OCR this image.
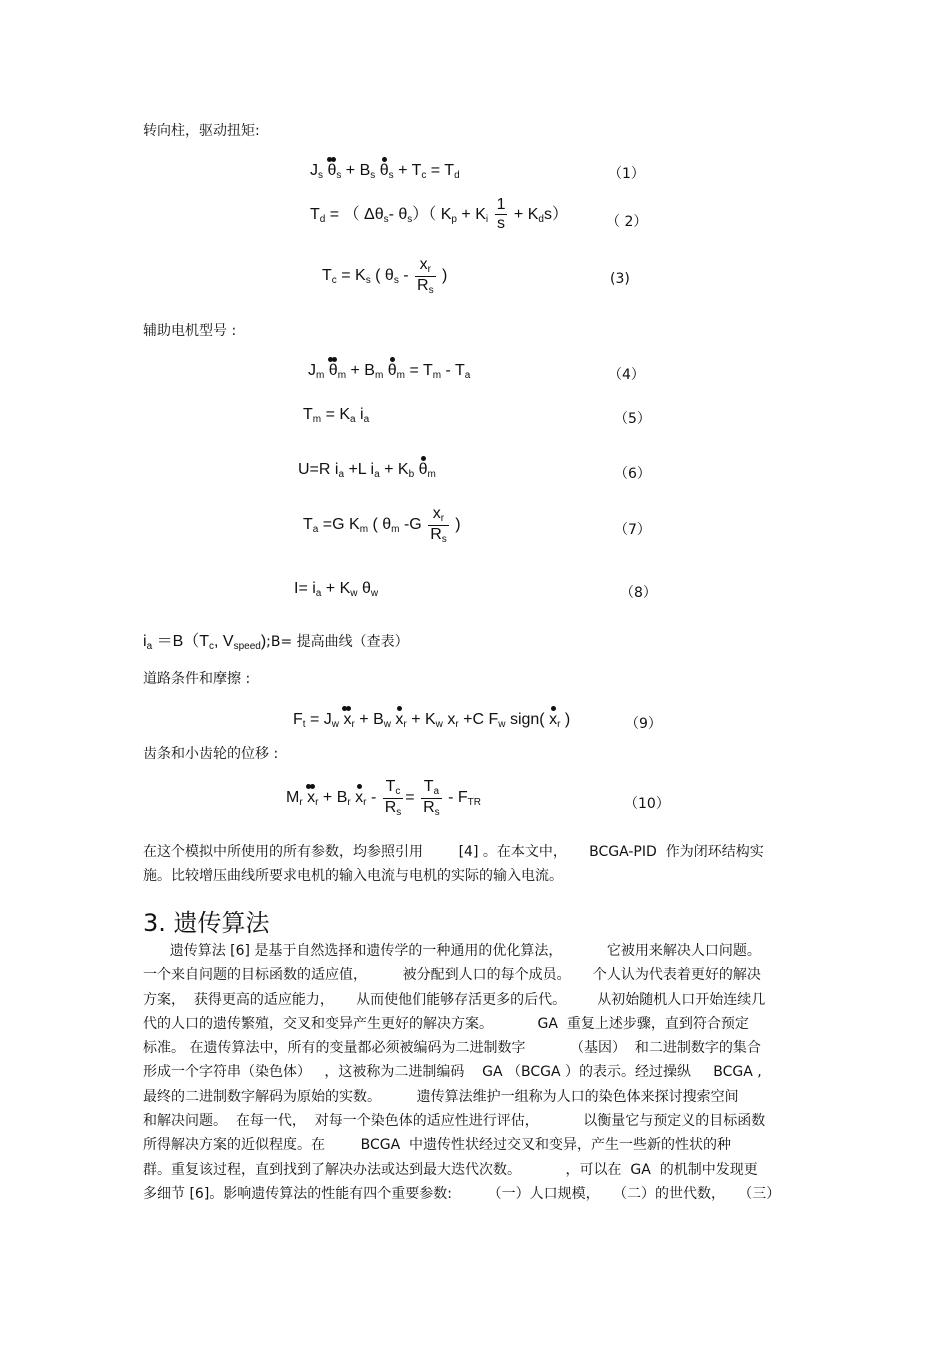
转向柱，驱动扭矩:
$J_s$ $\theta_s + B_s$ $\theta_s + T_c = T_d$	（1）
$T_d$ = （ $\Delta\theta_s-$ $\theta_s$）（ $K_p + K_i \frac{1}{s} + K_ds$）	（ 2）
$T_c = K_s$ ( $\theta_s - \frac{x_r}{R_s}$ )	(3)
辅助电机型号 :
$J_m$ $\theta_m + B_m$ $\theta_m = T_m - T_a$	（4）
$T_m = K_a$ $i_a$	（5）
U=R $i_a +L$ $i_a + K_b$ $\theta_m$	（6）
$T_a =G$ $K_m$ ( $\theta_m$ $-G \frac{x_r}{R_s}$ )	（7）
$I= i_a + K_w$ $\theta_w$	（8）
$i_a =B(T_c$, $V_{speed});B=$ 提高曲线（查表）
道路条件和摩擦 :
$F_t = J_w$ $x_r + B_w$ $x_r + K_w$ $x_r +C$ $F_w$ sign( $x_r$ )	（9）
齿条和小齿轮的位移 :
$M_r$ $x_r + B_r$ $x_r - \frac{T_c}{R_s} = \frac{T_a}{R_s} - F_{TR}$	（10）
在这个模拟中所使用的所有参数，均参照引用        [4] 。在本文中，     BCGA-PID  作为闭环结构实
施。比较增压曲线所要求电机的输入电流与电机的实际的输入电流。
3. 遗传算法
遗传算法 [6] 是基于自然选择和遗传学的一种通用的优化算法，          它被用来解决人口问题。
一个来自问题的目标函数的适应值，        被分配到人口的每个成员。     个人认为代表着更好的解决
方案，  获得更高的适应能力，     从而使他们能够存活更多的后代。       从初始随机人口开始连续几
代的人口的遗传繁殖，交叉和变异产生更好的解决方案。          GA  重复上述步骤，直到符合预定
标准。 在遗传算法中，所有的变量都必须被编码为二进制数字          （基因）  和二进制数字的集合
形成一个字符串（染色体）   ，这被称为二进制编码    GA （BCGA ）的表示。经过操纵     BCGA ,
最终的二进制数字解码为原始的实数。        遗传算法维护一组称为人口的染色体来探讨搜索空间
和解决问题。  在每一代，  对每一个染色体的适应性进行评估，          以衡量它与预定义的目标函数
所得解决方案的近似程度。在        BCGA  中遗传性状经过交叉和变异，产生一些新的性状的种
群。重复该过程，直到找到了解决办法或达到最大迭代次数。          ，可以在  GA  的机制中发现更
多细节 [6]。影响遗传算法的性能有四个重要参数:        （一）人口规模，   （二）的世代数，   （三）
